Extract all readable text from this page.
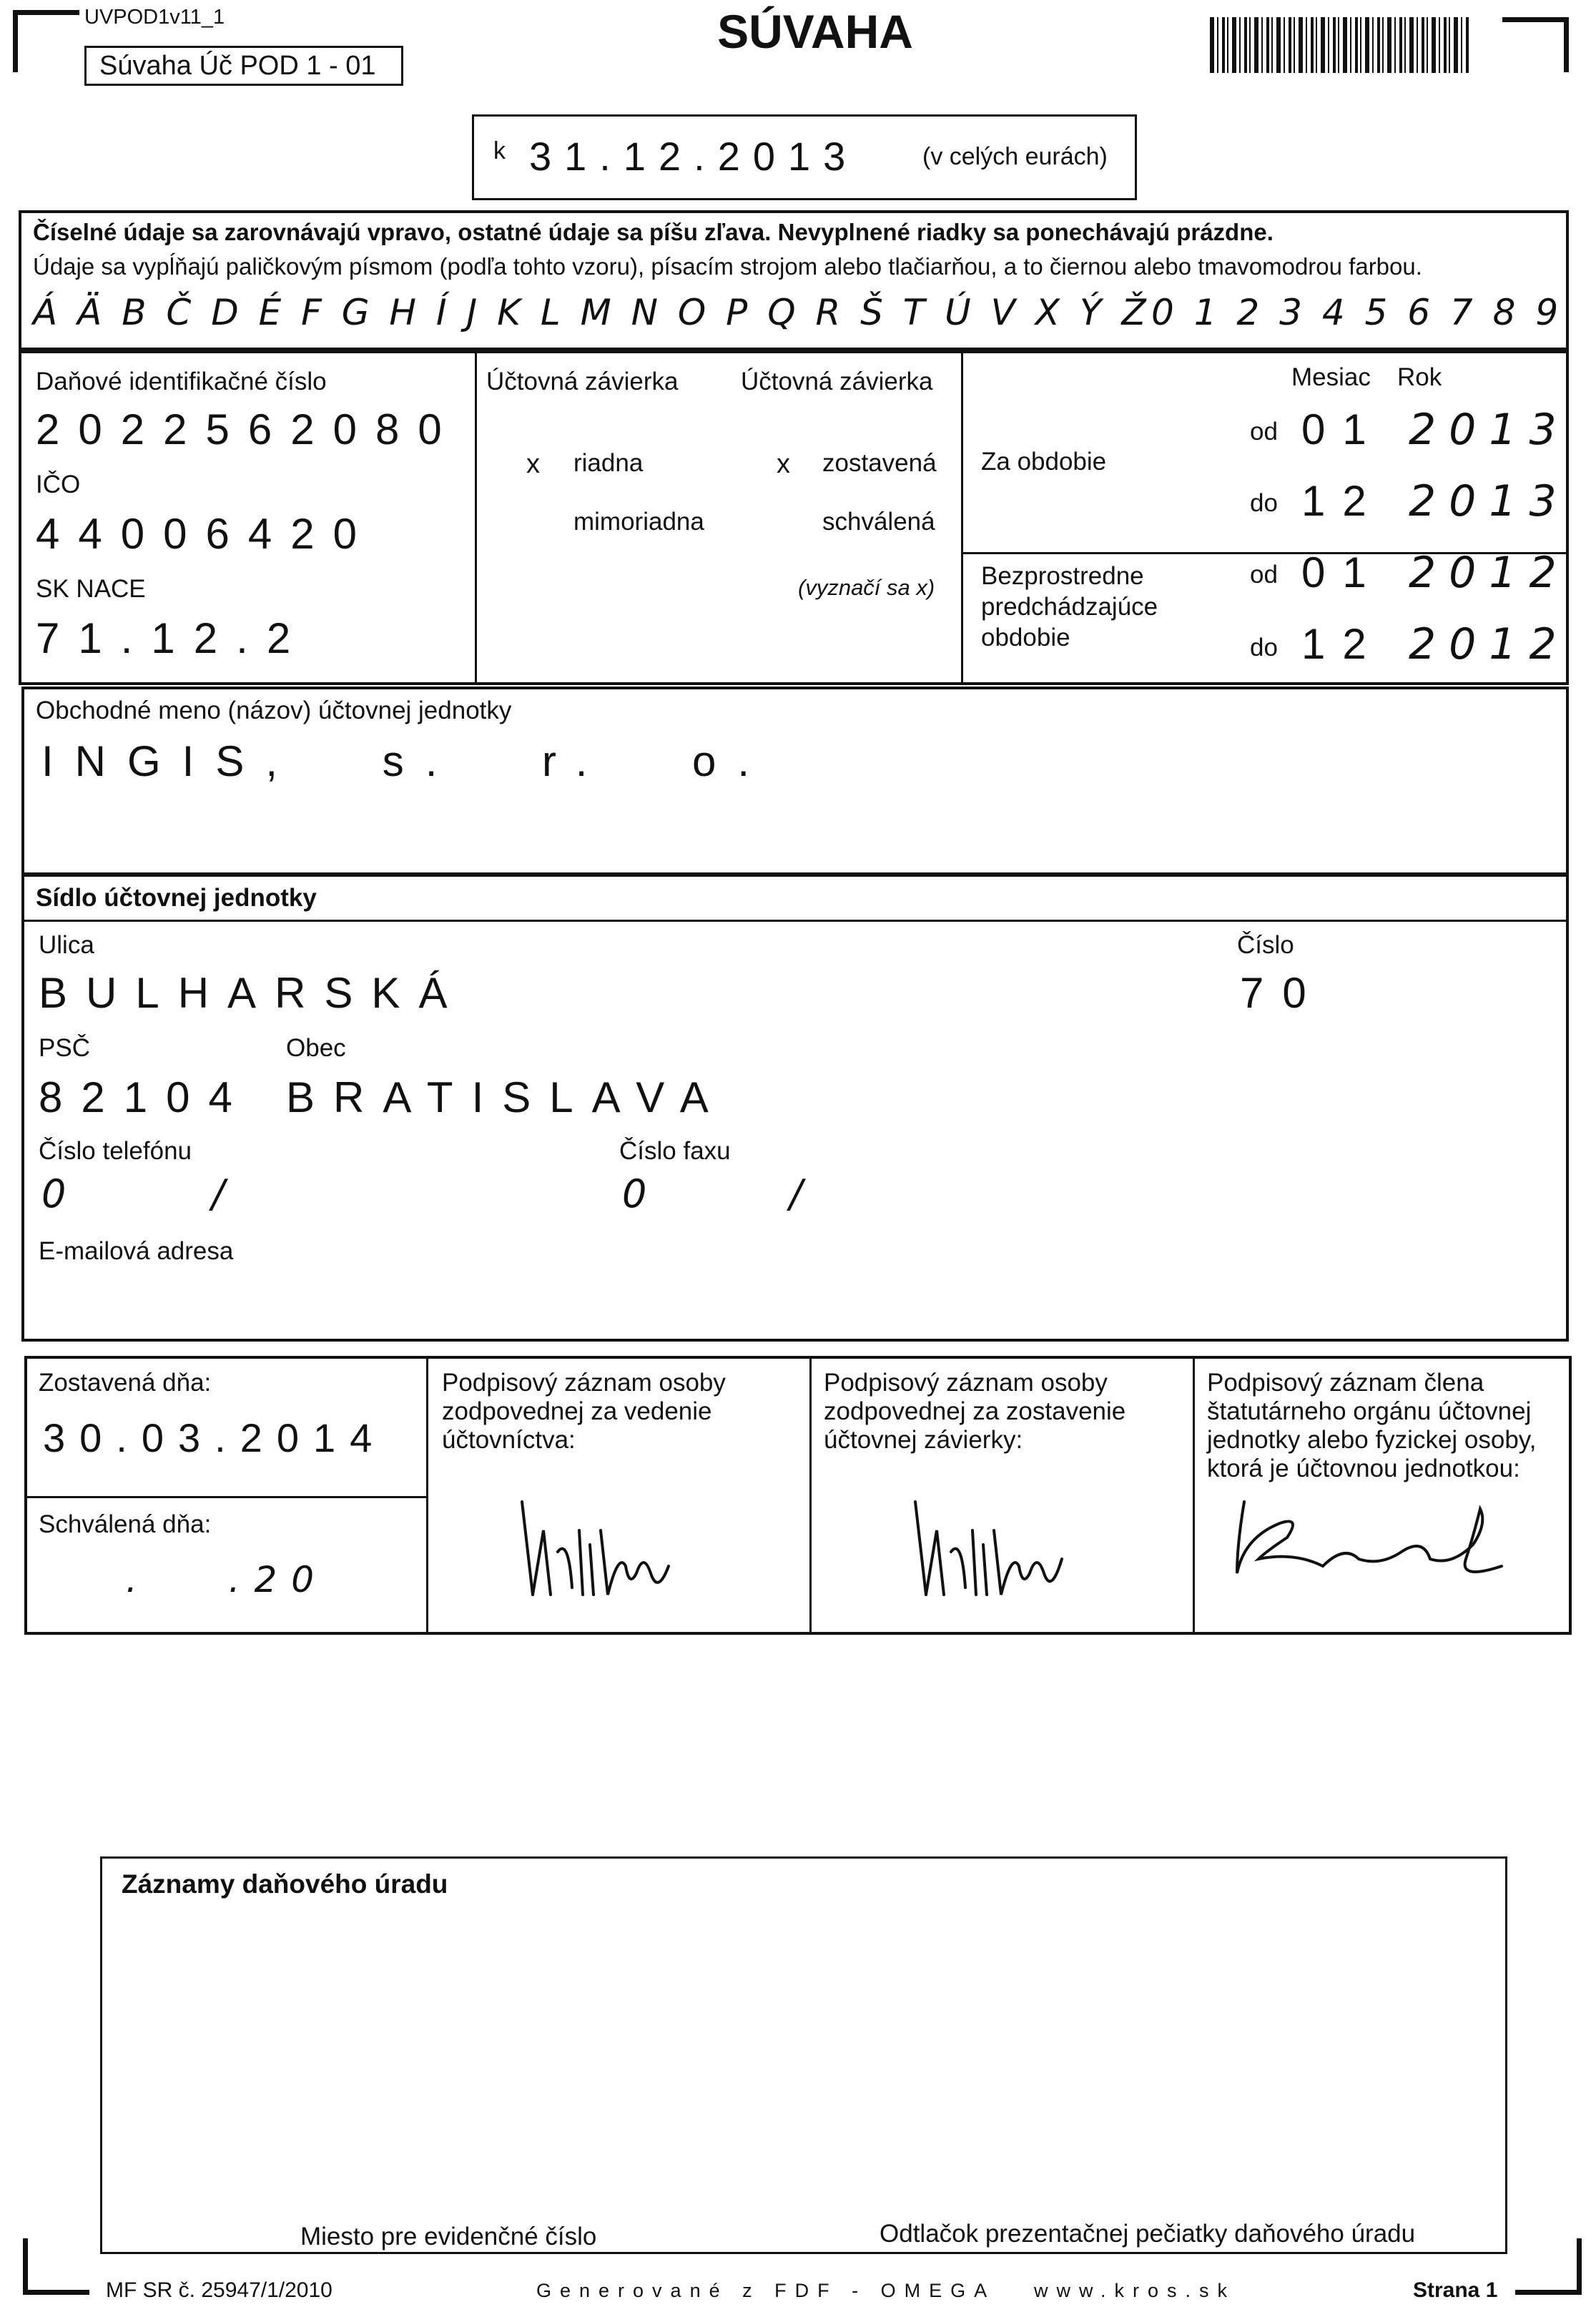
UVPOD1v11_1
Súvaha Úč POD 1 - 01
SÚVAHA
k 31.12.2013	(v celých eurách)
Číselné údaje sa zarovnávajú vpravo, ostatné údaje sa píšu zľava. Nevyplnené riadky sa ponechávajú prázdne.
Údaje sa vypĺňajú paličkovým písmom (podľa tohto vzoru), písacím strojom alebo tlačiarňou, a to čiernou alebo tmavomodrou farbou.
Á Ä B Č D É F G H Í J K L M N O P Q R Š T Ú V X Ý Ž 0 1 2 3 4 5 6 7 8 9
Daňové identifikačné číslo
2022562080
IČO
44006420
SK NACE
71.12.2
Účtovná závierka	Účtovná závierka
x riadna
mimoriadna
x zostavená
schválená
(vyznačí sa x)
Mesiac Rok
Za obdobie
Bezprostredne predchádzajúce obdobie
od 01 2013
do 12 2013
od 01 2012
do 12 2012
Obchodné meno (názov) účtovnej jednotky
INGIS, s. r. o.
Sídlo účtovnej jednotky
Ulica
BULHARSKÁ
Číslo
70
PSČ
82104
Obec
BRATISLAVA
Číslo telefónu
0	/
Číslo faxu
0	/
E-mailová adresa
Zostavená dňa:
30.03.2014
Schválená dňa:
.   .20
Podpisový záznam osoby zodpovednej za vedenie účtovníctva:
Podpisový záznam osoby zodpovednej za zostavenie účtovnej závierky:
Podpisový záznam člena štatutárneho orgánu účtovnej jednotky alebo fyzickej osoby, ktorá je účtovnou jednotkou:
Záznamy daňového úradu
Miesto pre evidenčné číslo	Odtlačok prezentačnej pečiatky daňového úradu
MF SR č. 25947/1/2010	Generované z FDF - OMEGA www.kros.sk	Strana 1
